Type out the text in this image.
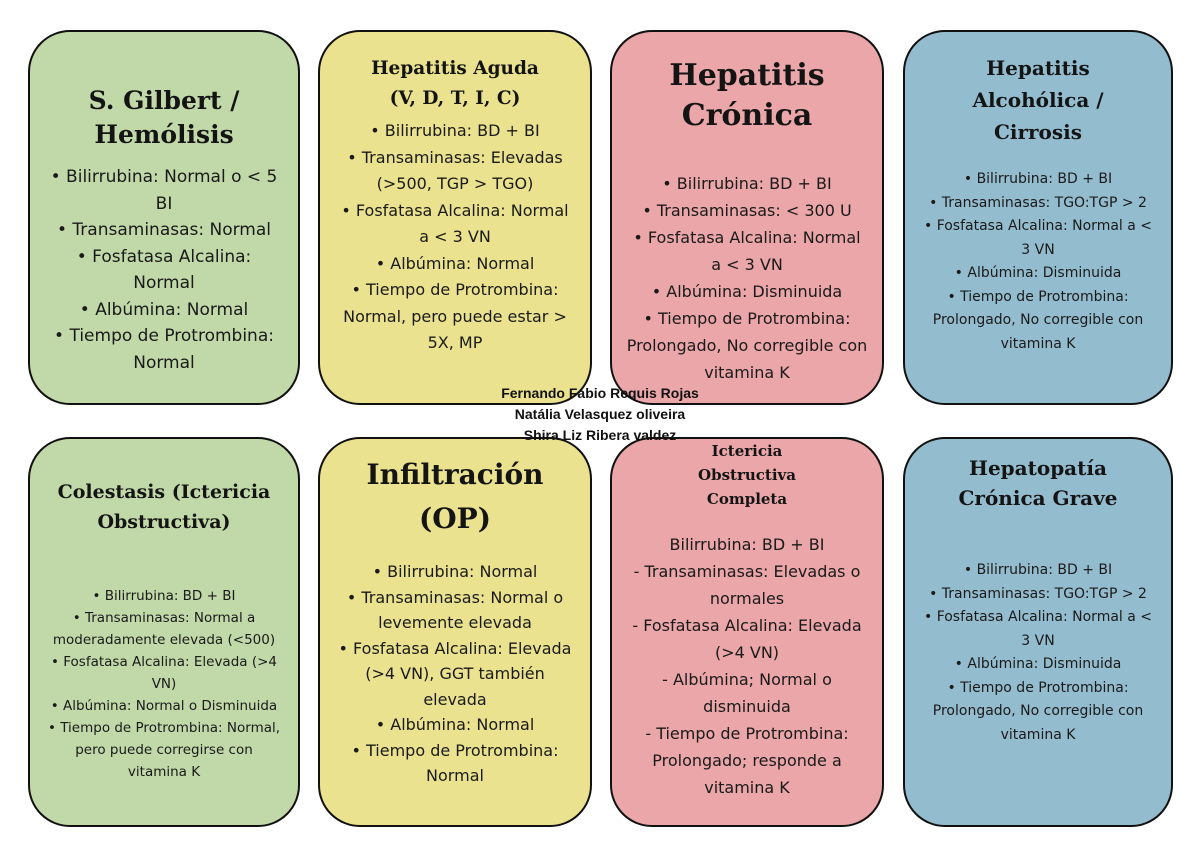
S. Gilbert / Hemólisis
• Bilirrubina: Normal o < 5 BI
• Transaminasas: Normal
• Fosfatasa Alcalina: Normal
• Albúmina: Normal
• Tiempo de Protrombina: Normal
Hepatitis Aguda (V, D, T, I, C)
• Bilirrubina: BD + BI
• Transaminasas: Elevadas (>500, TGP > TGO)
• Fosfatasa Alcalina: Normal a < 3 VN
• Albúmina: Normal
• Tiempo de Protrombina: Normal, pero puede estar > 5X, MP
Hepatitis Crónica
• Bilirrubina: BD + BI
• Transaminasas: < 300 U
• Fosfatasa Alcalina: Normal a < 3 VN
• Albúmina: Disminuida
• Tiempo de Protrombina: Prolongado, No corregible con vitamina K
Hepatitis Alcohólica / Cirrosis
• Bilirrubina: BD + BI
• Transaminasas: TGO:TGP > 2
• Fosfatasa Alcalina: Normal a < 3 VN
• Albúmina: Disminuida
• Tiempo de Protrombina: Prolongado, No corregible con vitamina K
Colestasis (Ictericia Obstructiva)
• Bilirrubina: BD + BI
• Transaminasas: Normal a moderadamente elevada (<500)
• Fosfatasa Alcalina: Elevada (>4 VN)
• Albúmina: Normal o Disminuida
• Tiempo de Protrombina: Normal, pero puede corregirse con vitamina K
Infiltración (OP)
• Bilirrubina: Normal
• Transaminasas: Normal o levemente elevada
• Fosfatasa Alcalina: Elevada (>4 VN), GGT también elevada
• Albúmina: Normal
• Tiempo de Protrombina: Normal
Ictericia Obstructiva Completa
Bilirrubina: BD + BI
- Transaminasas: Elevadas o normales
- Fosfatasa Alcalina: Elevada (>4 VN)
- Albúmina; Normal o disminuida
- Tiempo de Protrombina: Prolongado; responde a vitamina K
Hepatopatía Crónica Grave
• Bilirrubina: BD + BI
• Transaminasas: TGO:TGP > 2
• Fosfatasa Alcalina: Normal a < 3 VN
• Albúmina: Disminuida
• Tiempo de Protrombina: Prolongado, No corregible con vitamina K
Fernando Fábio Requis Rojas
Natália Velasquez oliveira
Shira Liz Ribera valdez
